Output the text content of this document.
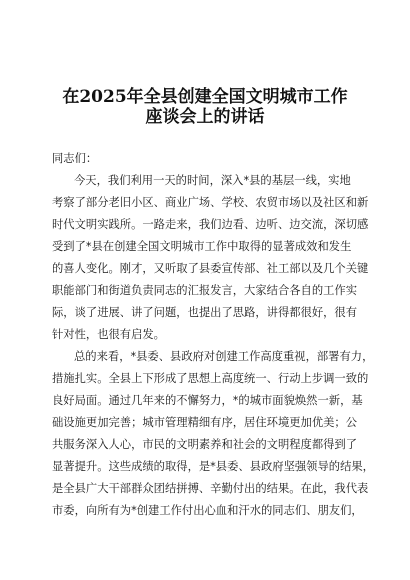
在2025年全县创建全国文明城市工作
座谈会上的讲话
同志们：
今天，我们利用一天的时间，深入*县的基层一线，实地
考察了部分老旧小区、商业广场、学校、农贸市场以及社区和新
时代文明实践所。一路走来，我们边看、边听、边交流，深切感
受到了*县在创建全国文明城市工作中取得的显著成效和发生
的喜人变化。刚才，又听取了县委宣传部、社工部以及几个关键
职能部门和街道负责同志的汇报发言，大家结合各自的工作实
际，谈了进展、讲了问题，也提出了思路，讲得都很好，很有
针对性，也很有启发。
总的来看，*县委、县政府对创建工作高度重视，部署有力，
措施扎实。全县上下形成了思想上高度统一、行动上步调一致的
良好局面。通过几年来的不懈努力，*的城市面貌焕然一新，基
础设施更加完善；城市管理精细有序，居住环境更加优美；公
共服务深入人心，市民的文明素养和社会的文明程度都得到了
显著提升。这些成绩的取得，是*县委、县政府坚强领导的结果，
是全县广大干部群众团结拼搏、辛勤付出的结果。在此，我代表
市委，向所有为*创建工作付出心血和汗水的同志们、朋友们，
